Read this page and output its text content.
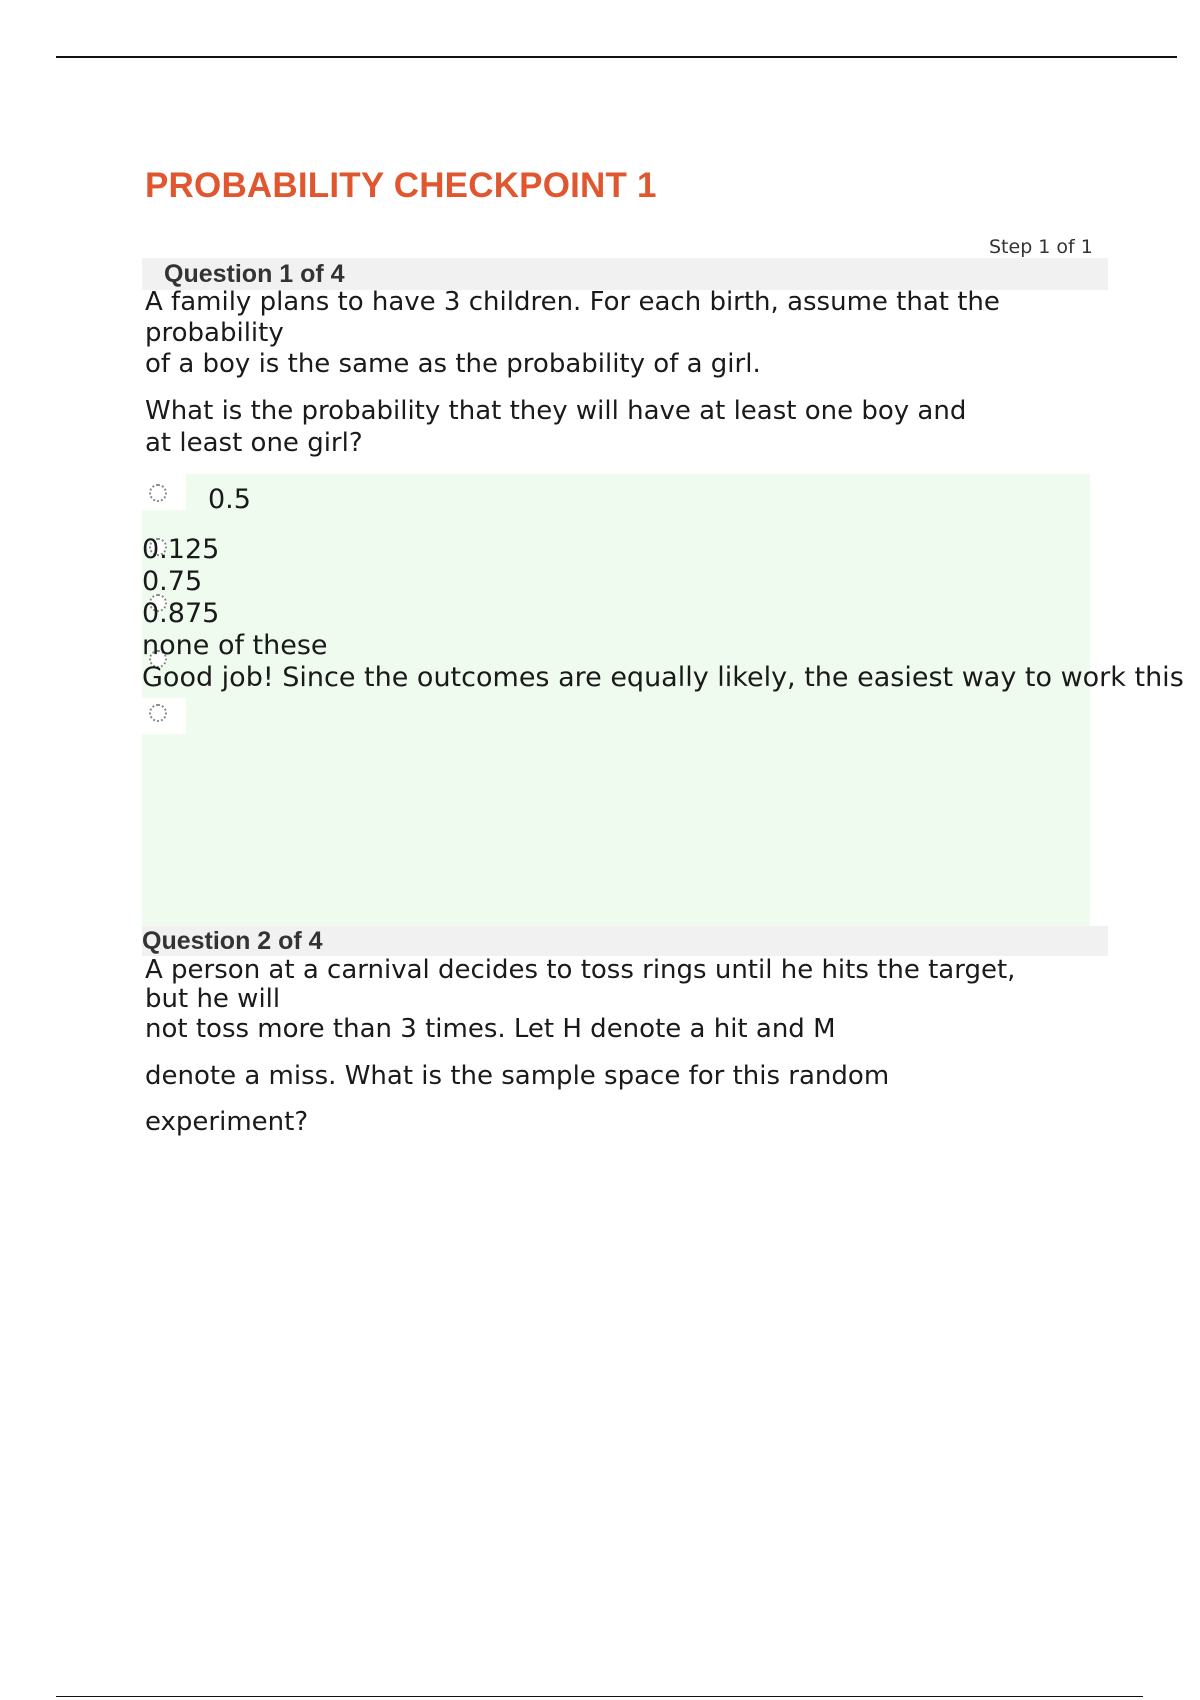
PROBABILITY CHECKPOINT 1
Step 1 of 1
Question 1 of 4

A family plans to have 3 children. For each birth, assume that the

probability

of a boy is the same as the probability of a girl.

What is the probability that they will have at least one boy and

at least one girl?

0.5
0.125
0.75
0.875
none of these
Good job! Since the outcomes are equally likely, the easiest way to work this
Question 2 of 4

A person at a carnival decides to toss rings until he hits the target,

but he will

not toss more than 3 times. Let H denote a hit and M

denote a miss. What is the sample space for this random

experiment?
